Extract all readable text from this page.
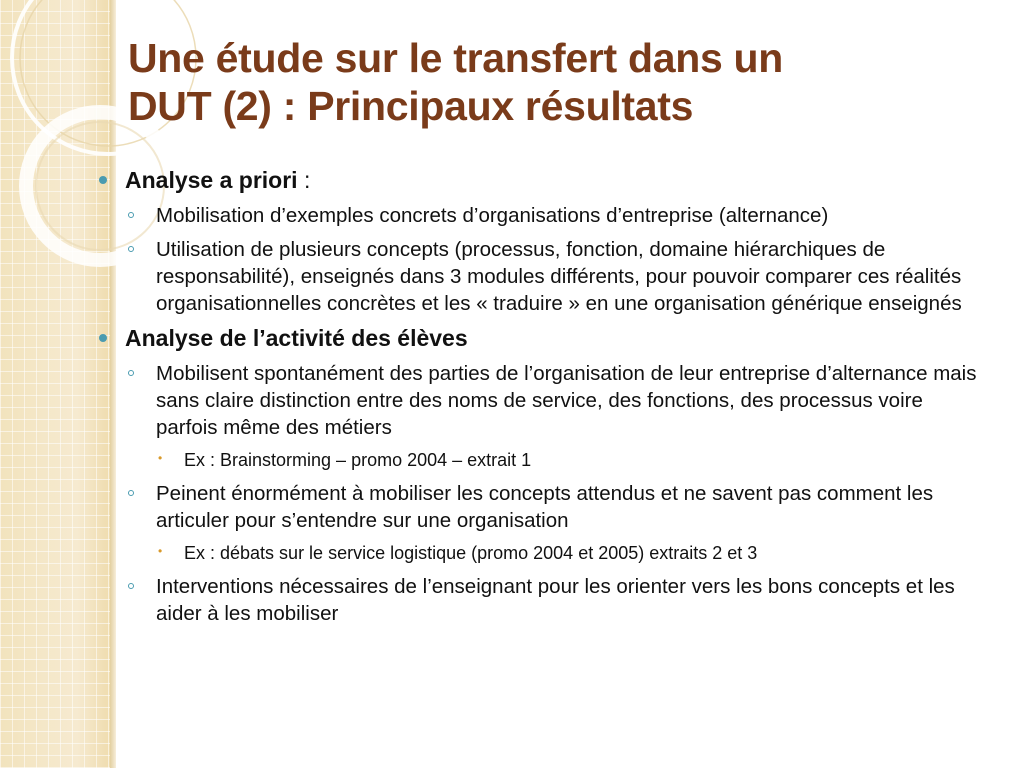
Une étude sur le transfert dans un
DUT (2) : Principaux résultats
Analyse a priori :
Mobilisation d’exemples concrets d’organisations d’entreprise (alternance)
Utilisation de plusieurs concepts (processus, fonction, domaine hiérarchiques de responsabilité), enseignés dans 3 modules différents, pour pouvoir comparer ces réalités organisationnelles concrètes et les « traduire » en une organisation générique enseignés
Analyse de l’activité des élèves
Mobilisent spontanément des parties de l’organisation de leur entreprise d’alternance mais sans claire distinction entre des noms de service, des fonctions, des processus voire parfois même des métiers
• Ex : Brainstorming – promo 2004 – extrait 1
Peinent énormément à mobiliser les concepts attendus et ne savent pas comment les articuler pour s’entendre sur une organisation
• Ex : débats sur le service logistique (promo 2004 et 2005) extraits 2 et 3
Interventions nécessaires de l’enseignant pour les orienter vers les bons concepts et les aider à les mobiliser
